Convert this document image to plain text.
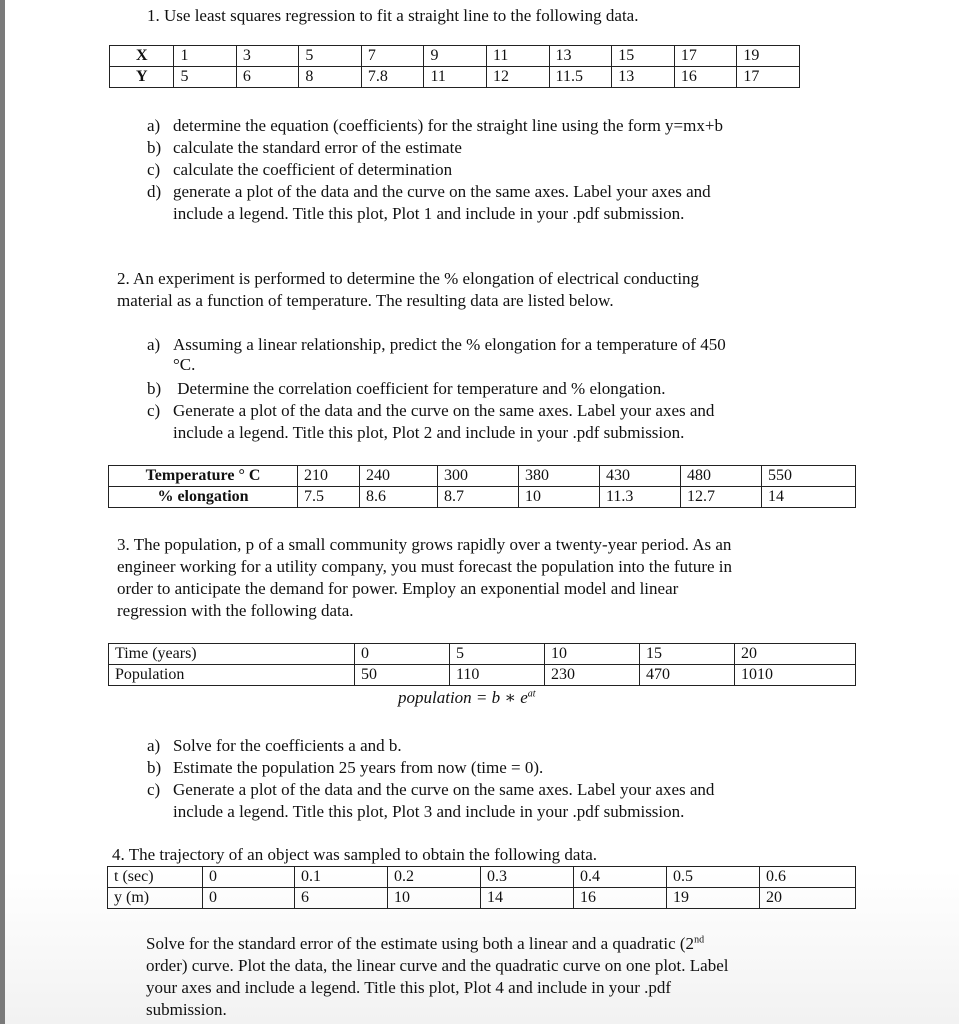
1. Use least squares regression to fit a straight line to the following data.
X	1	3	5	7	9	11	13	15	17	19
Y	5	6	8	7.8	11	12	11.5	13	16	17
a) determine the equation (coefficients) for the straight line using the form y=mx+b
b) calculate the standard error of the estimate
c) calculate the coefficient of determination
d) generate a plot of the data and the curve on the same axes. Label your axes and
include a legend. Title this plot, Plot 1 and include in your .pdf submission.
2. An experiment is performed to determine the % elongation of electrical conducting
material as a function of temperature. The resulting data are listed below.
a) Assuming a linear relationship, predict the % elongation for a temperature of 450
°C.
b) Determine the correlation coefficient for temperature and % elongation.
c) Generate a plot of the data and the curve on the same axes. Label your axes and
include a legend. Title this plot, Plot 2 and include in your .pdf submission.
Temperature ° C	210	240	300	380	430	480	550
% elongation	7.5	8.6	8.7	10	11.3	12.7	14
3. The population, p of a small community grows rapidly over a twenty-year period. As an
engineer working for a utility company, you must forecast the population into the future in
order to anticipate the demand for power. Employ an exponential model and linear
regression with the following data.
Time (years)	0	5	10	15	20
Population	50	110	230	470	1010
population = b ∗ $e^{at}$
a) Solve for the coefficients a and b.
b) Estimate the population 25 years from now (time = 0).
c) Generate a plot of the data and the curve on the same axes. Label your axes and
include a legend. Title this plot, Plot 3 and include in your .pdf submission.
4. The trajectory of an object was sampled to obtain the following data.
t (sec)	0	0.1	0.2	0.3	0.4	0.5	0.6
y (m)	0	6	10	14	16	19	20
Solve for the standard error of the estimate using both a linear and a quadratic (2nd
order) curve. Plot the data, the linear curve and the quadratic curve on one plot. Label
your axes and include a legend. Title this plot, Plot 4 and include in your .pdf
submission.
